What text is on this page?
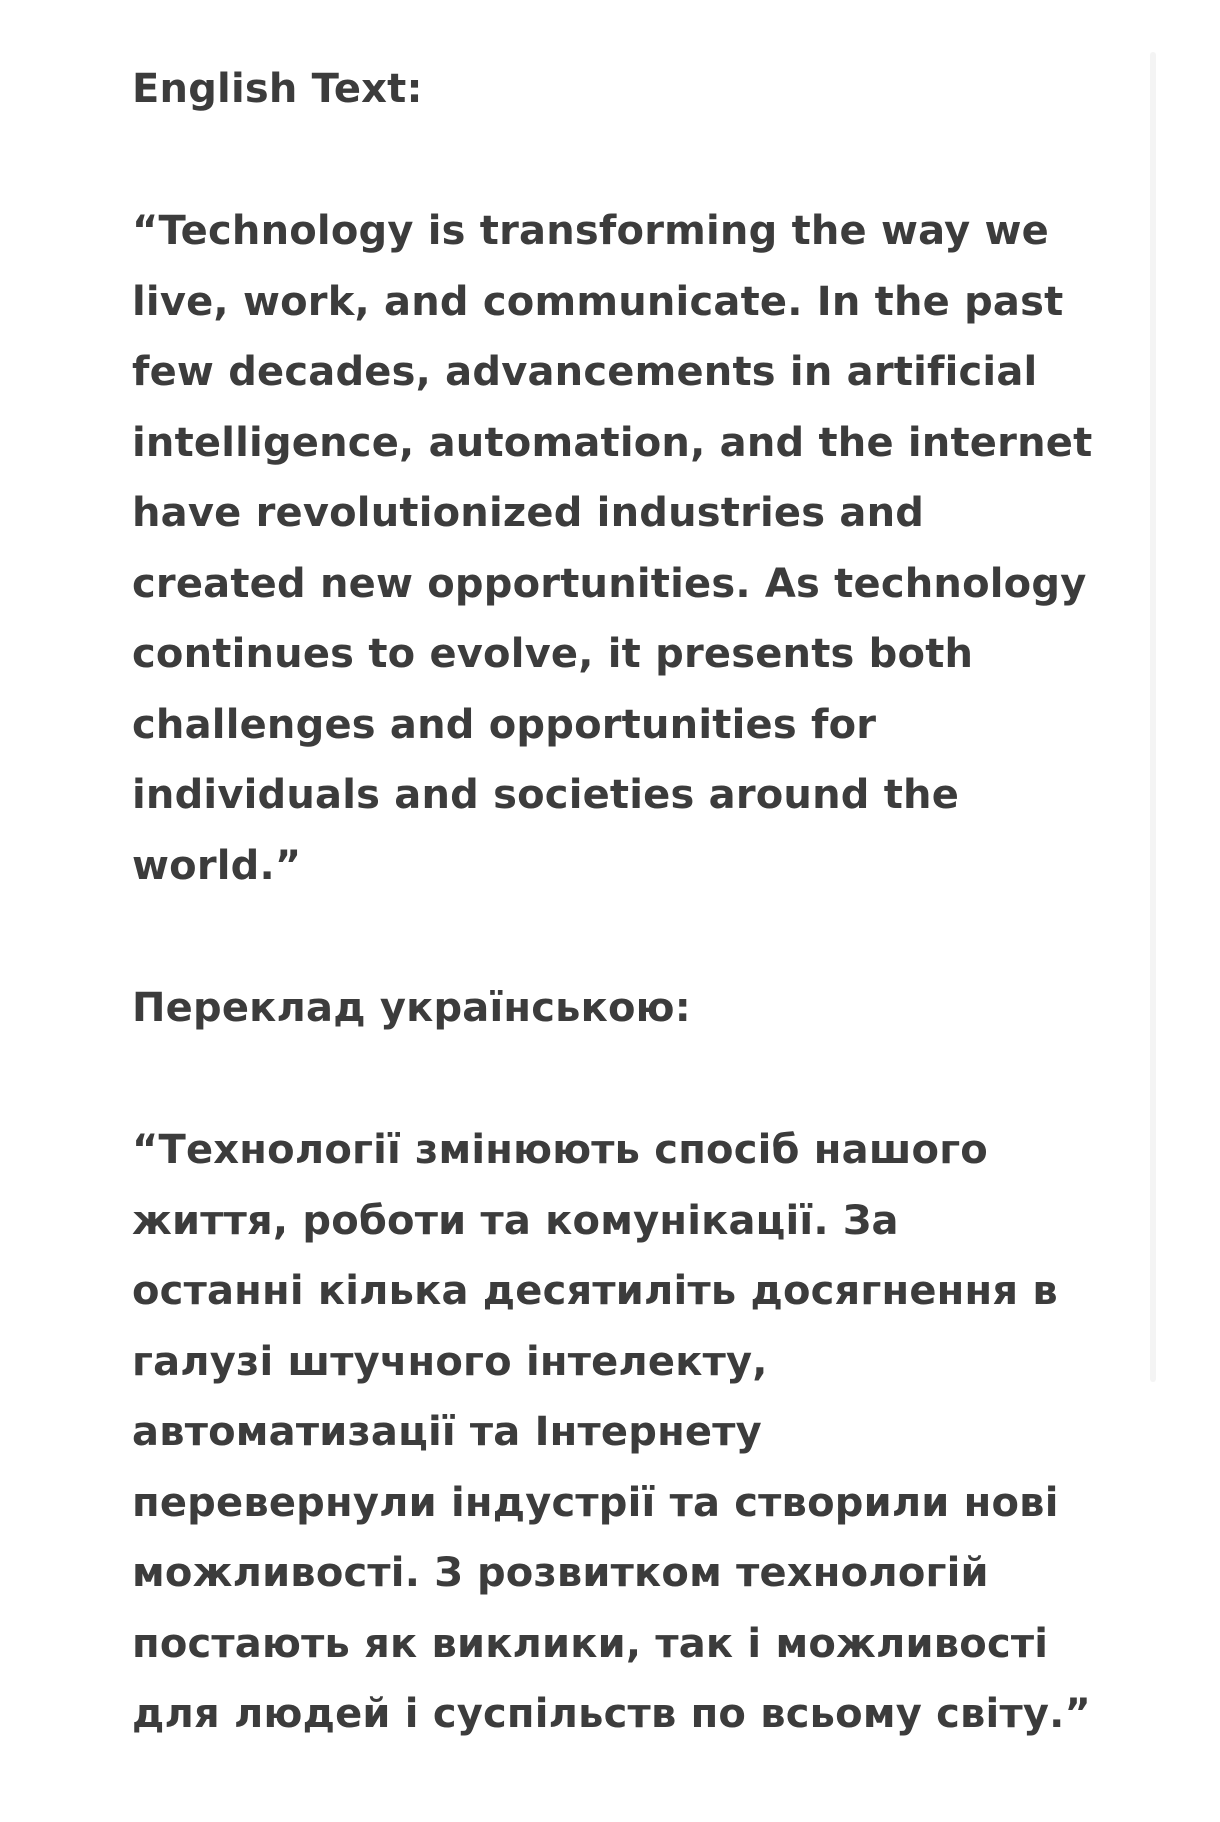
English Text:
“Technology is transforming the way we
live, work, and communicate. In the past
few decades, advancements in artificial
intelligence, automation, and the internet
have revolutionized industries and
created new opportunities. As technology
continues to evolve, it presents both
challenges and opportunities for
individuals and societies around the
world.”
Переклад українською:
“Технології змінюють спосіб нашого
життя, роботи та комунікації. За
останні кілька десятиліть досягнення в
галузі штучного інтелекту,
автоматизації та Інтернету
перевернули індустрії та створили нові
можливості. З розвитком технологій
постають як виклики, так і можливості
для людей і суспільств по всьому світу.”
